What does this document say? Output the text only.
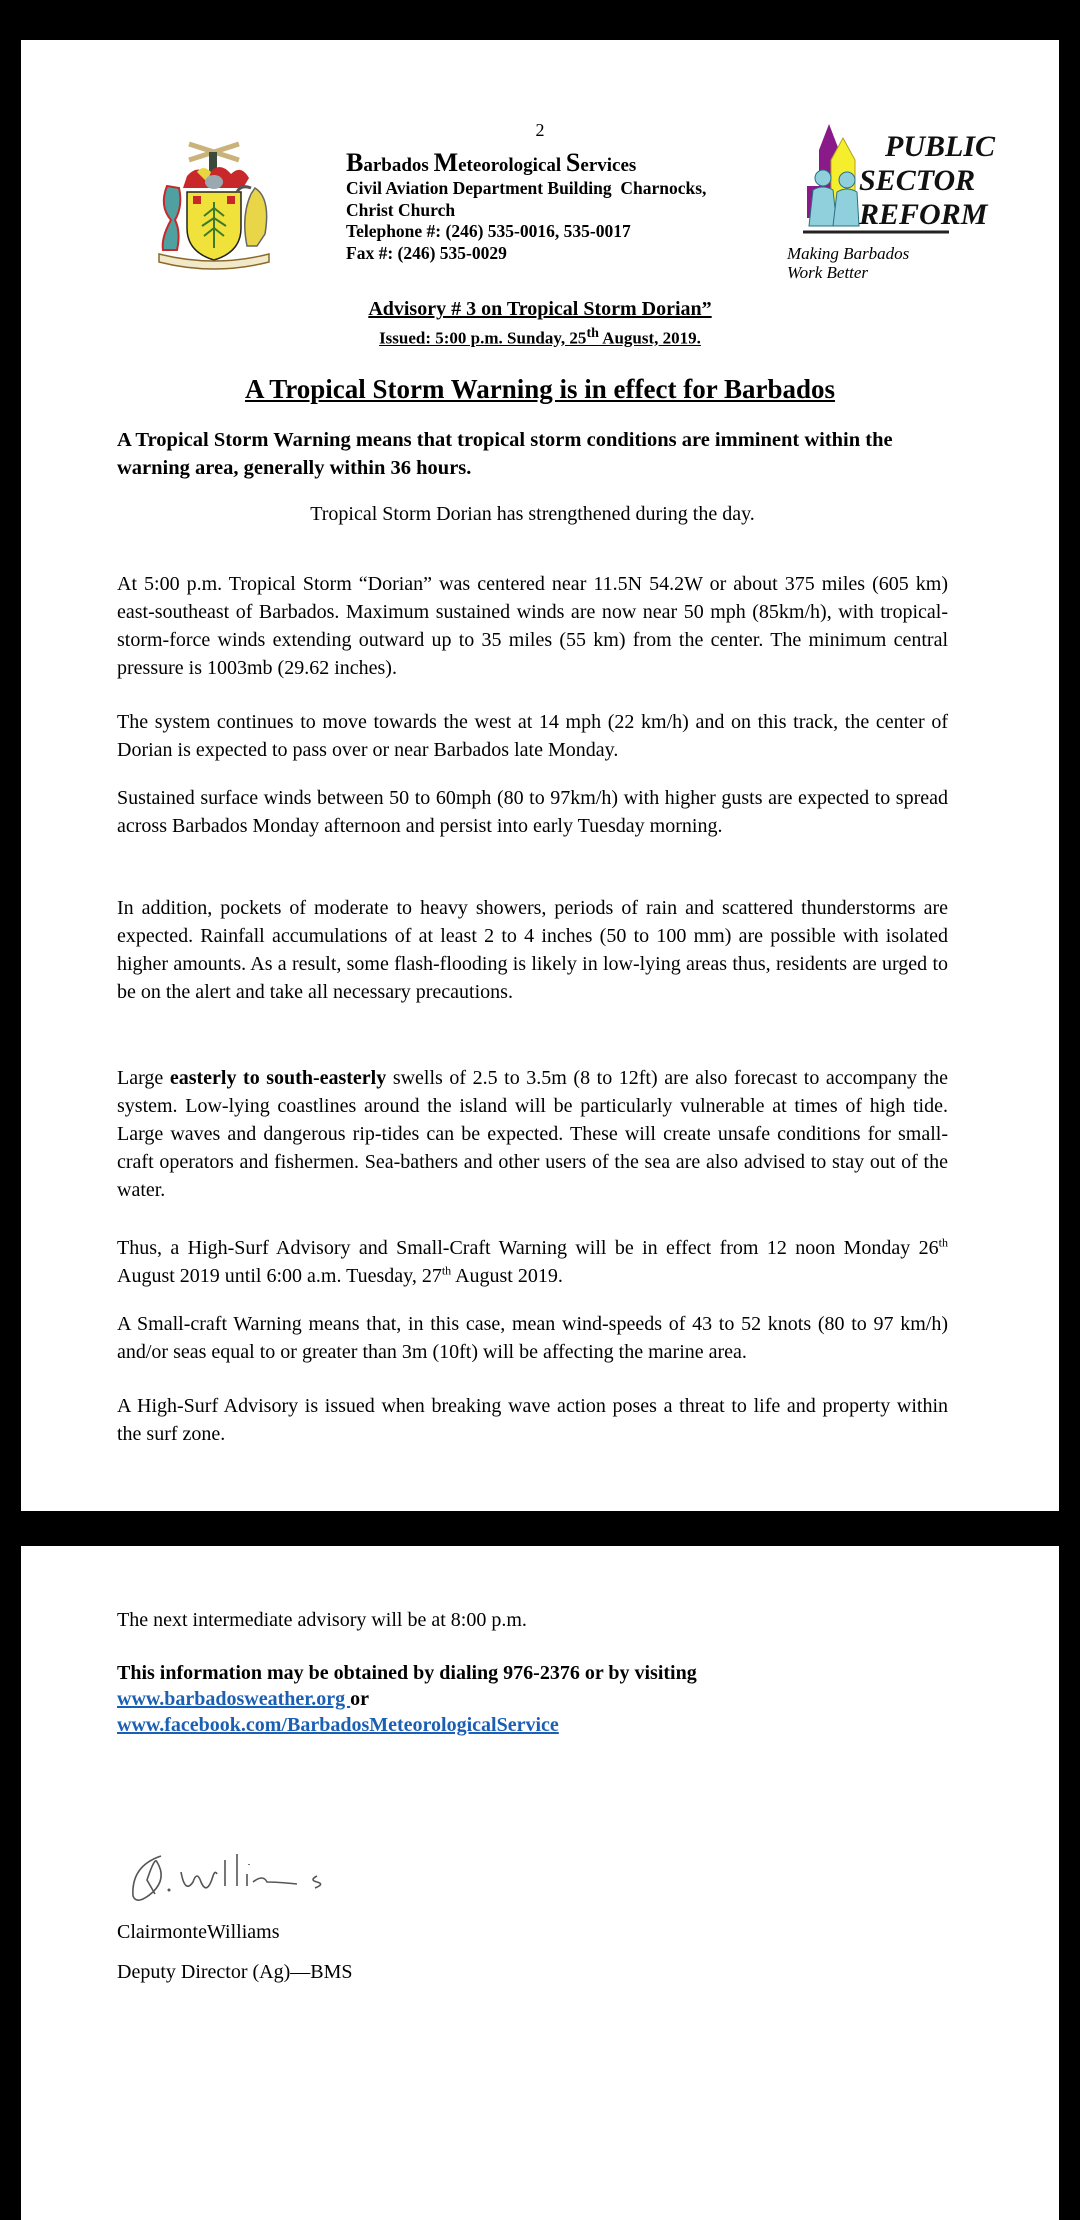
2
Barbados Meteorological Services
Civil Aviation Department Building  Charnocks,
Christ Church
Telephone #: (246) 535-0016, 535-0017
Fax #: (246) 535-0029
PUBLIC
SECTOR
REFORM
Making Barbados
Work Better
Advisory # 3 on Tropical Storm Dorian”
Issued: 5:00 p.m. Sunday, 25th August, 2019.
A Tropical Storm Warning is in effect for Barbados
A Tropical Storm Warning means that tropical storm conditions are imminent within the warning area, generally within 36 hours.
Tropical Storm Dorian has strengthened during the day.
At 5:00 p.m. Tropical Storm “Dorian” was centered near 11.5N 54.2W or about 375 miles (605 km) east-southeast of Barbados. Maximum sustained winds are now near 50 mph (85km/h), with tropical-storm-force winds extending outward up to 35 miles (55 km) from the center. The minimum central pressure is 1003mb (29.62 inches).
The system continues to move towards the west at 14 mph (22 km/h) and on this track, the center of Dorian is expected to pass over or near Barbados late Monday.
Sustained surface winds between 50 to 60mph (80 to 97km/h) with higher gusts are expected to spread across Barbados Monday afternoon and persist into early Tuesday morning.
In addition, pockets of moderate to heavy showers, periods of rain and scattered thunderstorms are expected. Rainfall accumulations of at least 2 to 4 inches (50 to 100 mm) are possible with isolated higher amounts. As a result, some flash-flooding is likely in low-lying areas thus, residents are urged to be on the alert and take all necessary precautions.
Large easterly to south-easterly swells of 2.5 to 3.5m (8 to 12ft) are also forecast to accompany the system. Low-lying coastlines around the island will be particularly vulnerable at times of high tide. Large waves and dangerous rip-tides can be expected. These will create unsafe conditions for small-craft operators and fishermen. Sea-bathers and other users of the sea are also advised to stay out of the water.
Thus, a High-Surf Advisory and Small-Craft Warning will be in effect from 12 noon Monday 26th August 2019 until 6:00 a.m. Tuesday, 27th August 2019.
A Small-craft Warning means that, in this case, mean wind-speeds of 43 to 52 knots (80 to 97 km/h) and/or seas equal to or greater than 3m (10ft) will be affecting the marine area.
A High-Surf Advisory is issued when breaking wave action poses a threat to life and property within the surf zone.
The next intermediate advisory will be at 8:00 p.m.
This information may be obtained by dialing 976-2376 or by visiting
www.barbadosweather.org or
www.facebook.com/BarbadosMeteorologicalService
ClairmonteWilliams
Deputy Director (Ag)—BMS
